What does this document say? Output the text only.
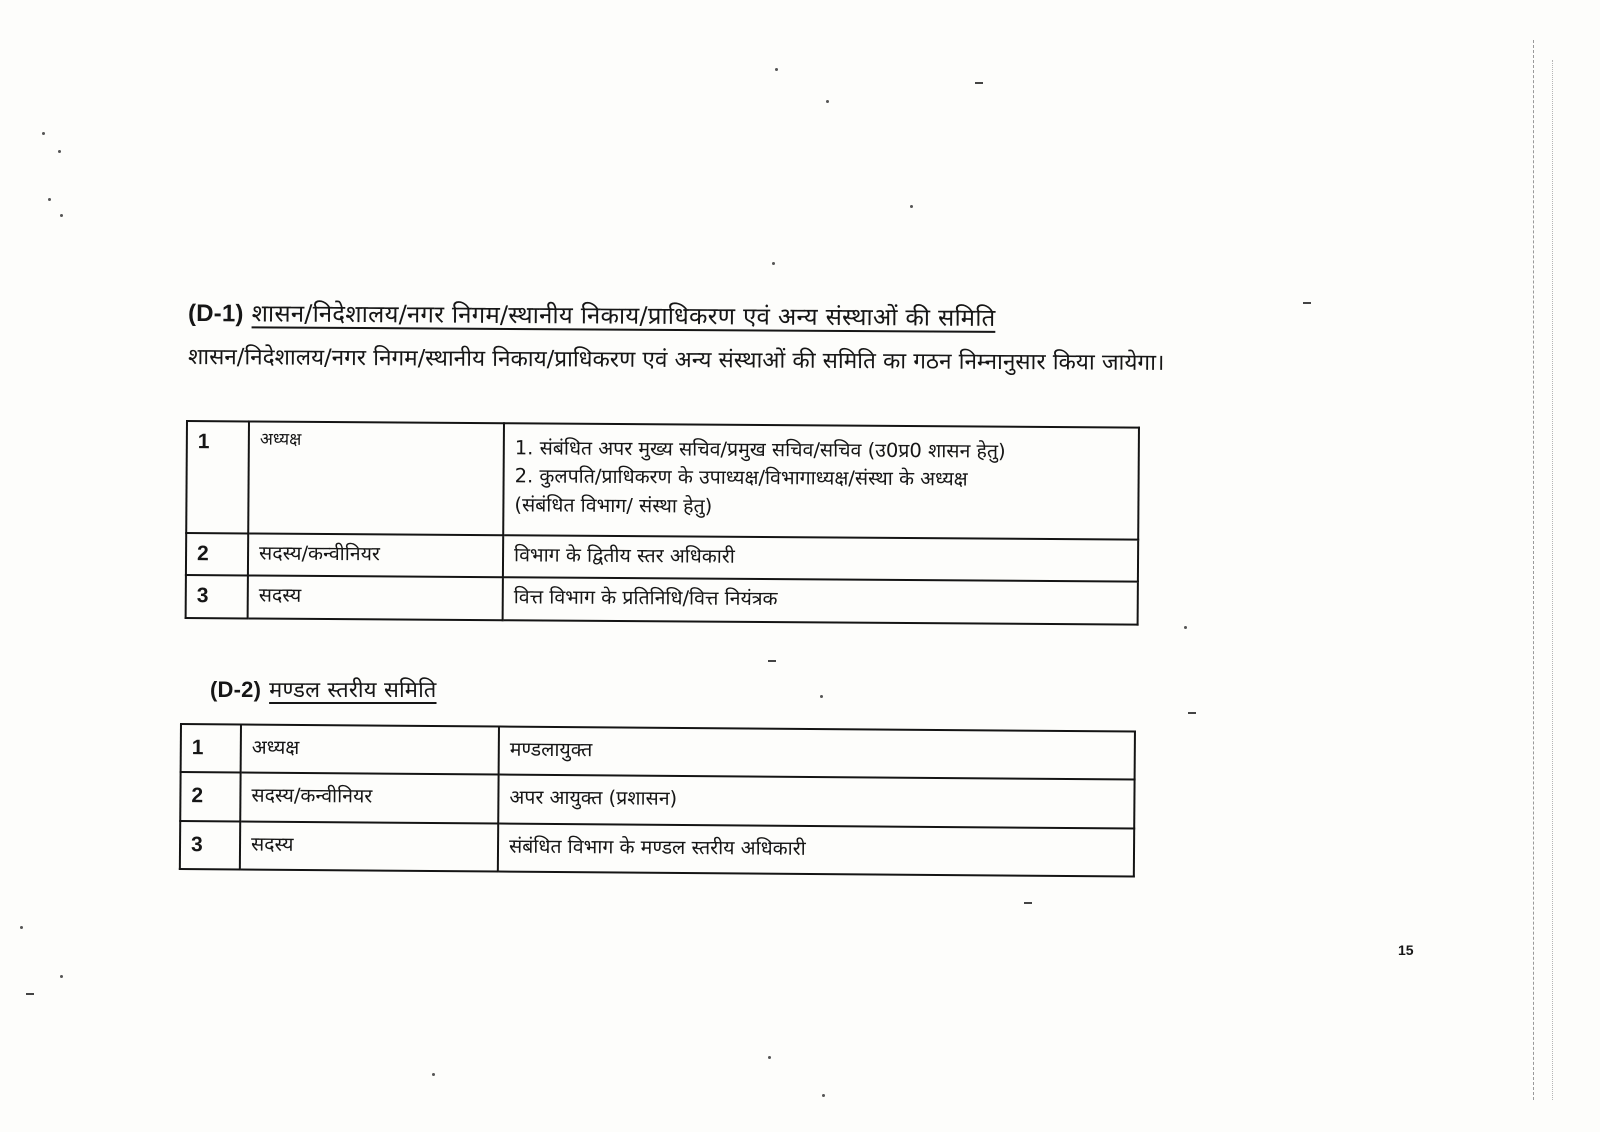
(D-1) शासन/निदेशालय/नगर निगम/स्थानीय निकाय/प्राधिकरण एवं अन्य संस्थाओं की समिति

शासन/निदेशालय/नगर निगम/स्थानीय निकाय/प्राधिकरण एवं अन्य संस्थाओं की समिति का गठन निम्नानुसार किया जायेगा।

1	अध्यक्ष	1. संबंधित अपर मुख्य सचिव/प्रमुख सचिव/सचिव (उ0प्र0 शासन हेतु)
2. कुलपति/प्राधिकरण के उपाध्यक्ष/विभागाध्यक्ष/संस्था के अध्यक्ष
(संबंधित विभाग/ संस्था हेतु)

2	सदस्य/कन्वीनियर	विभाग के द्वितीय स्तर अधिकारी
3	सदस्य	वित्त विभाग के प्रतिनिधि/वित्त नियंत्रक
(D-2) मण्डल स्तरीय समिति
1	अध्यक्ष	मण्डलायुक्त
2	सदस्य/कन्वीनियर	अपर आयुक्त (प्रशासन)
3	सदस्य	संबंधित विभाग के मण्डल स्तरीय अधिकारी
15
